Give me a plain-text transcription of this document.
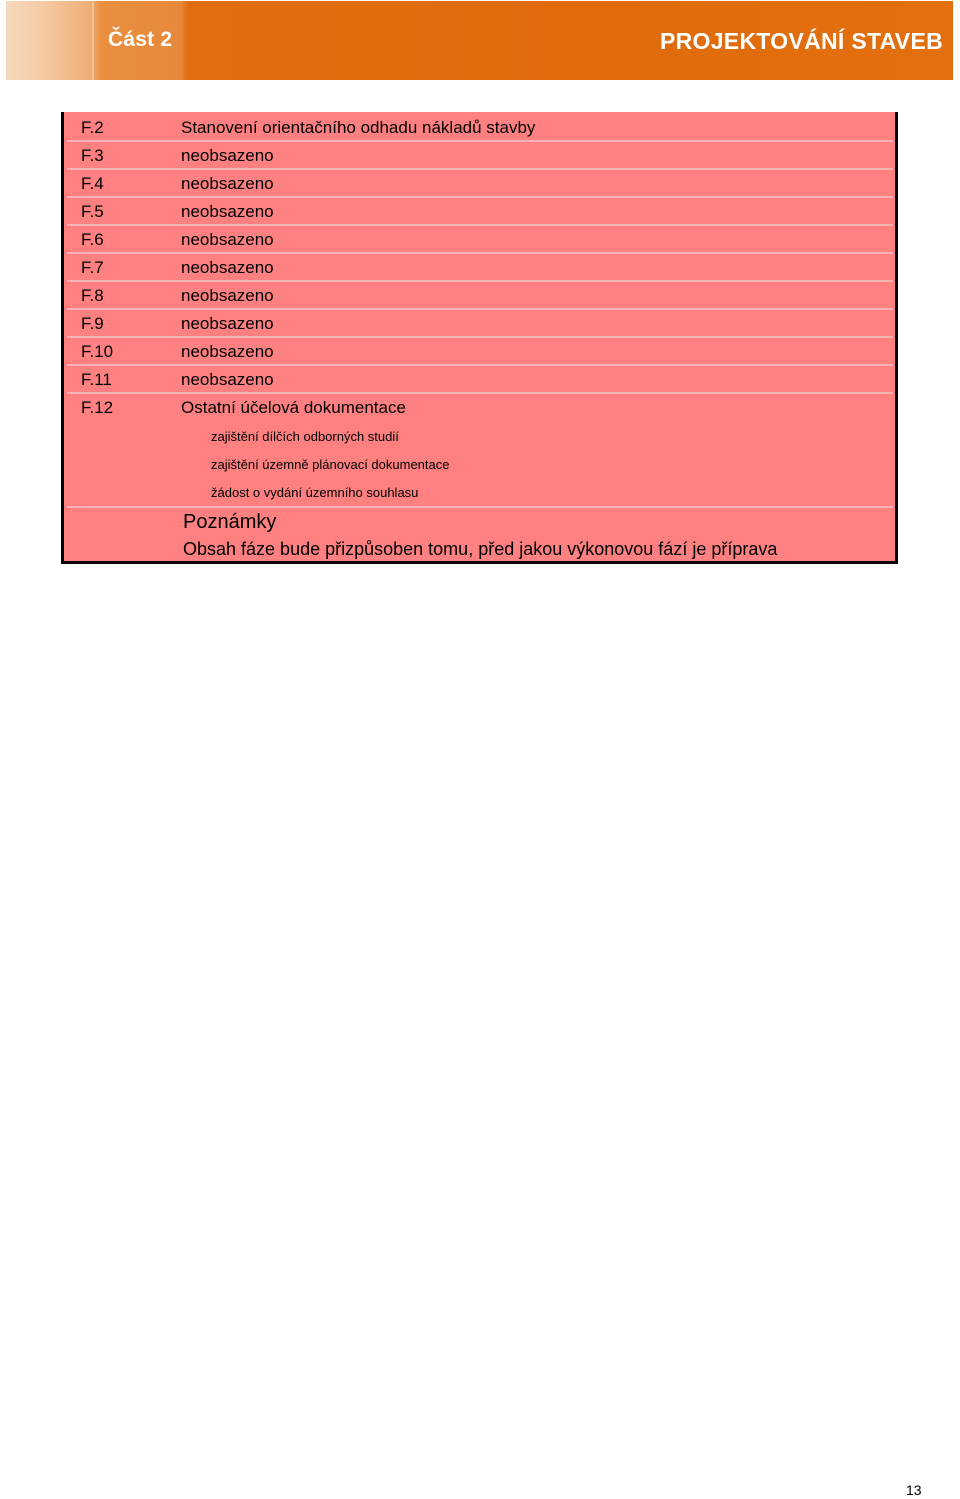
Část 2	PROJEKTOVÁNÍ STAVEB
F.2	Stanovení orientačního odhadu nákladů stavby
F.3	neobsazeno
F.4	neobsazeno
F.5	neobsazeno
F.6	neobsazeno
F.7	neobsazeno
F.8	neobsazeno
F.9	neobsazeno
F.10	neobsazeno
F.11	neobsazeno
F.12	Ostatní účelová dokumentace
zajištění dílčích odborných studií
zajištění územně plánovací dokumentace
žádost o vydání územního souhlasu
Poznámky
Obsah fáze bude přizpůsoben tomu, před jakou výkonovou fází je příprava
13
